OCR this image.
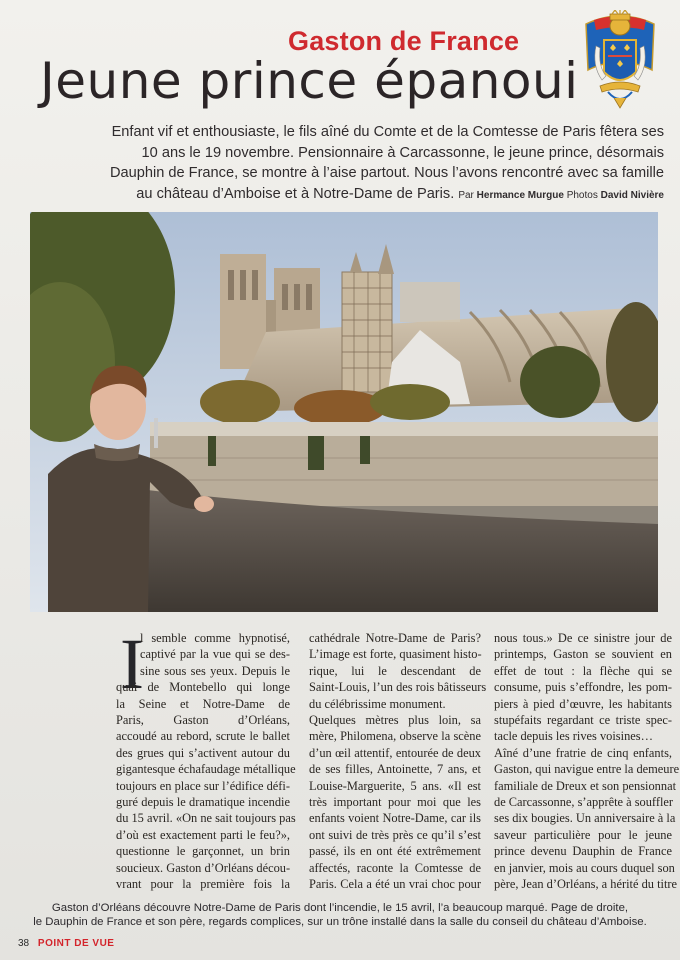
Gaston de France
Jeune prince épanoui
Enfant vif et enthousiaste, le fils aîné du Comte et de la Comtesse de Paris fêtera ses
10 ans le 19 novembre. Pensionnaire à Carcassonne, le jeune prince, désormais
Dauphin de France, se montre à l’aise partout. Nous l’avons rencontré avec sa famille
au château d’Amboise et à Notre-Dame de Paris. Par Hermance Murgue Photos David Nivière
I
l semble comme hypnotisé,
captivé par la vue qui se des-
sine sous ses yeux. Depuis le
quai de Montebello qui longe
la Seine et Notre-Dame de
Paris, Gaston d’Orléans,
accoudé au rebord, scrute le ballet
des grues qui s’activent autour du
gigantesque échafaudage métallique
toujours en place sur l’édifice défi-
guré depuis le dramatique incendie
du 15 avril. «On ne sait toujours pas
d’où est exactement parti le feu?»,
questionne le garçonnet, un brin
soucieux. Gaston d’Orléans décou-
vrant pour la première fois la
cathédrale Notre-Dame de Paris?
L’image est forte, quasiment histo-
rique, lui le descendant de
Saint-Louis, l’un des rois bâtisseurs
du célébrissime monument.
Quelques mètres plus loin, sa
mère, Philomena, observe la scène
d’un œil attentif, entourée de deux
de ses filles, Antoinette, 7 ans, et
Louise-Marguerite, 5 ans. «Il est
très important pour moi que les
enfants voient Notre-Dame, car ils
ont suivi de très près ce qu’il s’est
passé, ils en ont été extrêmement
affectés, raconte la Comtesse de
Paris. Cela a été un vrai choc pour
nous tous.» De ce sinistre jour de
printemps, Gaston se souvient en
effet de tout : la flèche qui se
consume, puis s’effondre, les pom-
piers à pied d’œuvre, les habitants
stupéfaits regardant ce triste spec-
tacle depuis les rives voisines…
Aîné d’une fratrie de cinq enfants,
Gaston, qui navigue entre la demeure
familiale de Dreux et son pensionnat
de Carcassonne, s’apprête à souffler
ses dix bougies. Un anniversaire à la
saveur particulière pour le jeune
prince devenu Dauphin de France
en janvier, mois au cours duquel son
père, Jean d’Orléans, a hérité du titre
Gaston d’Orléans découvre Notre-Dame de Paris dont l’incendie, le 15 avril, l’a beaucoup marqué. Page de droite,
le Dauphin de France et son père, regards complices, sur un trône installé dans la salle du conseil du château d’Amboise.
38 POINT DE VUE
